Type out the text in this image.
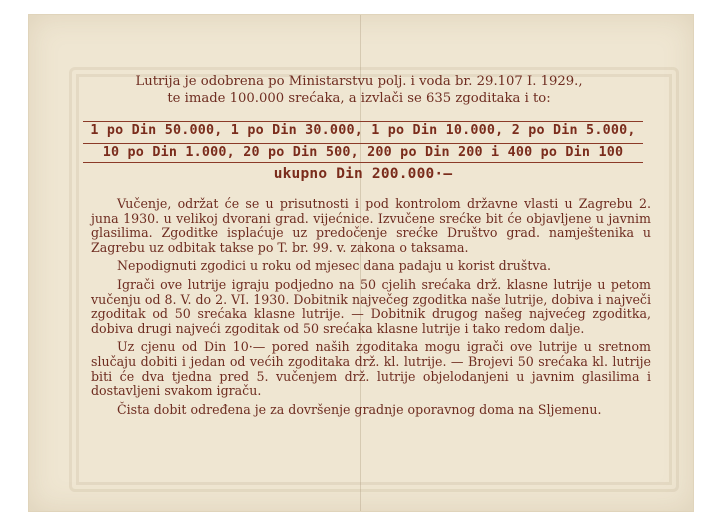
Lutrija je odobrena po Ministarstvu polj. i voda br. 29.107 I. 1929.,
te imade 100.000 srećaka, a izvlači se 635 zgoditaka i to:
1 po Din 50.000, 1 po Din 30.000, 1 po Din 10.000, 2 po Din 5.000,
10 po Din 1.000, 20 po Din 500, 200 po Din 200 i 400 po Din 100
ukupno Din 200.000·—

Vučenje, održat će se u prisutnosti i pod kontrolom državne vlasti u Zagrebu 2. juna 1930. u velikoj dvorani grad. vijećnice. Izvučene srećke bit će objavljene u javnim glasilima. Zgoditke isplaćuje uz predočenje srećke Društvo grad. namještenika u Zagrebu uz odbitak takse po T. br. 99. v. zakona o taksama.

Nepodignuti zgodici u roku od mjesec dana padaju u korist društva.

Igrači ove lutrije igraju podjedno na 50 cjelih srećaka drž. klasne lutrije u petom vučenju od 8. V. do 2. VI. 1930. Dobitnik največeg zgoditka naše lutrije, dobiva i največi zgoditak od 50 srećaka klasne lutrije. — Dobitnik drugog našeg najvećeg zgoditka, dobiva drugi najveći zgoditak od 50 srećaka klasne lutrije i tako redom dalje.

Uz cjenu od Din 10·— pored naših zgoditaka mogu igrači ove lutrije u sretnom slučaju dobiti i jedan od većih zgoditaka drž. kl. lutrije. — Brojevi 50 srećaka kl. lutrije biti će dva tjedna pred 5. vučenjem drž. lutrije objelodanjeni u javnim glasilima i dostavljeni svakom igraču.

Čista dobit određena je za dovršenje gradnje oporavnog doma na Sljemenu.
